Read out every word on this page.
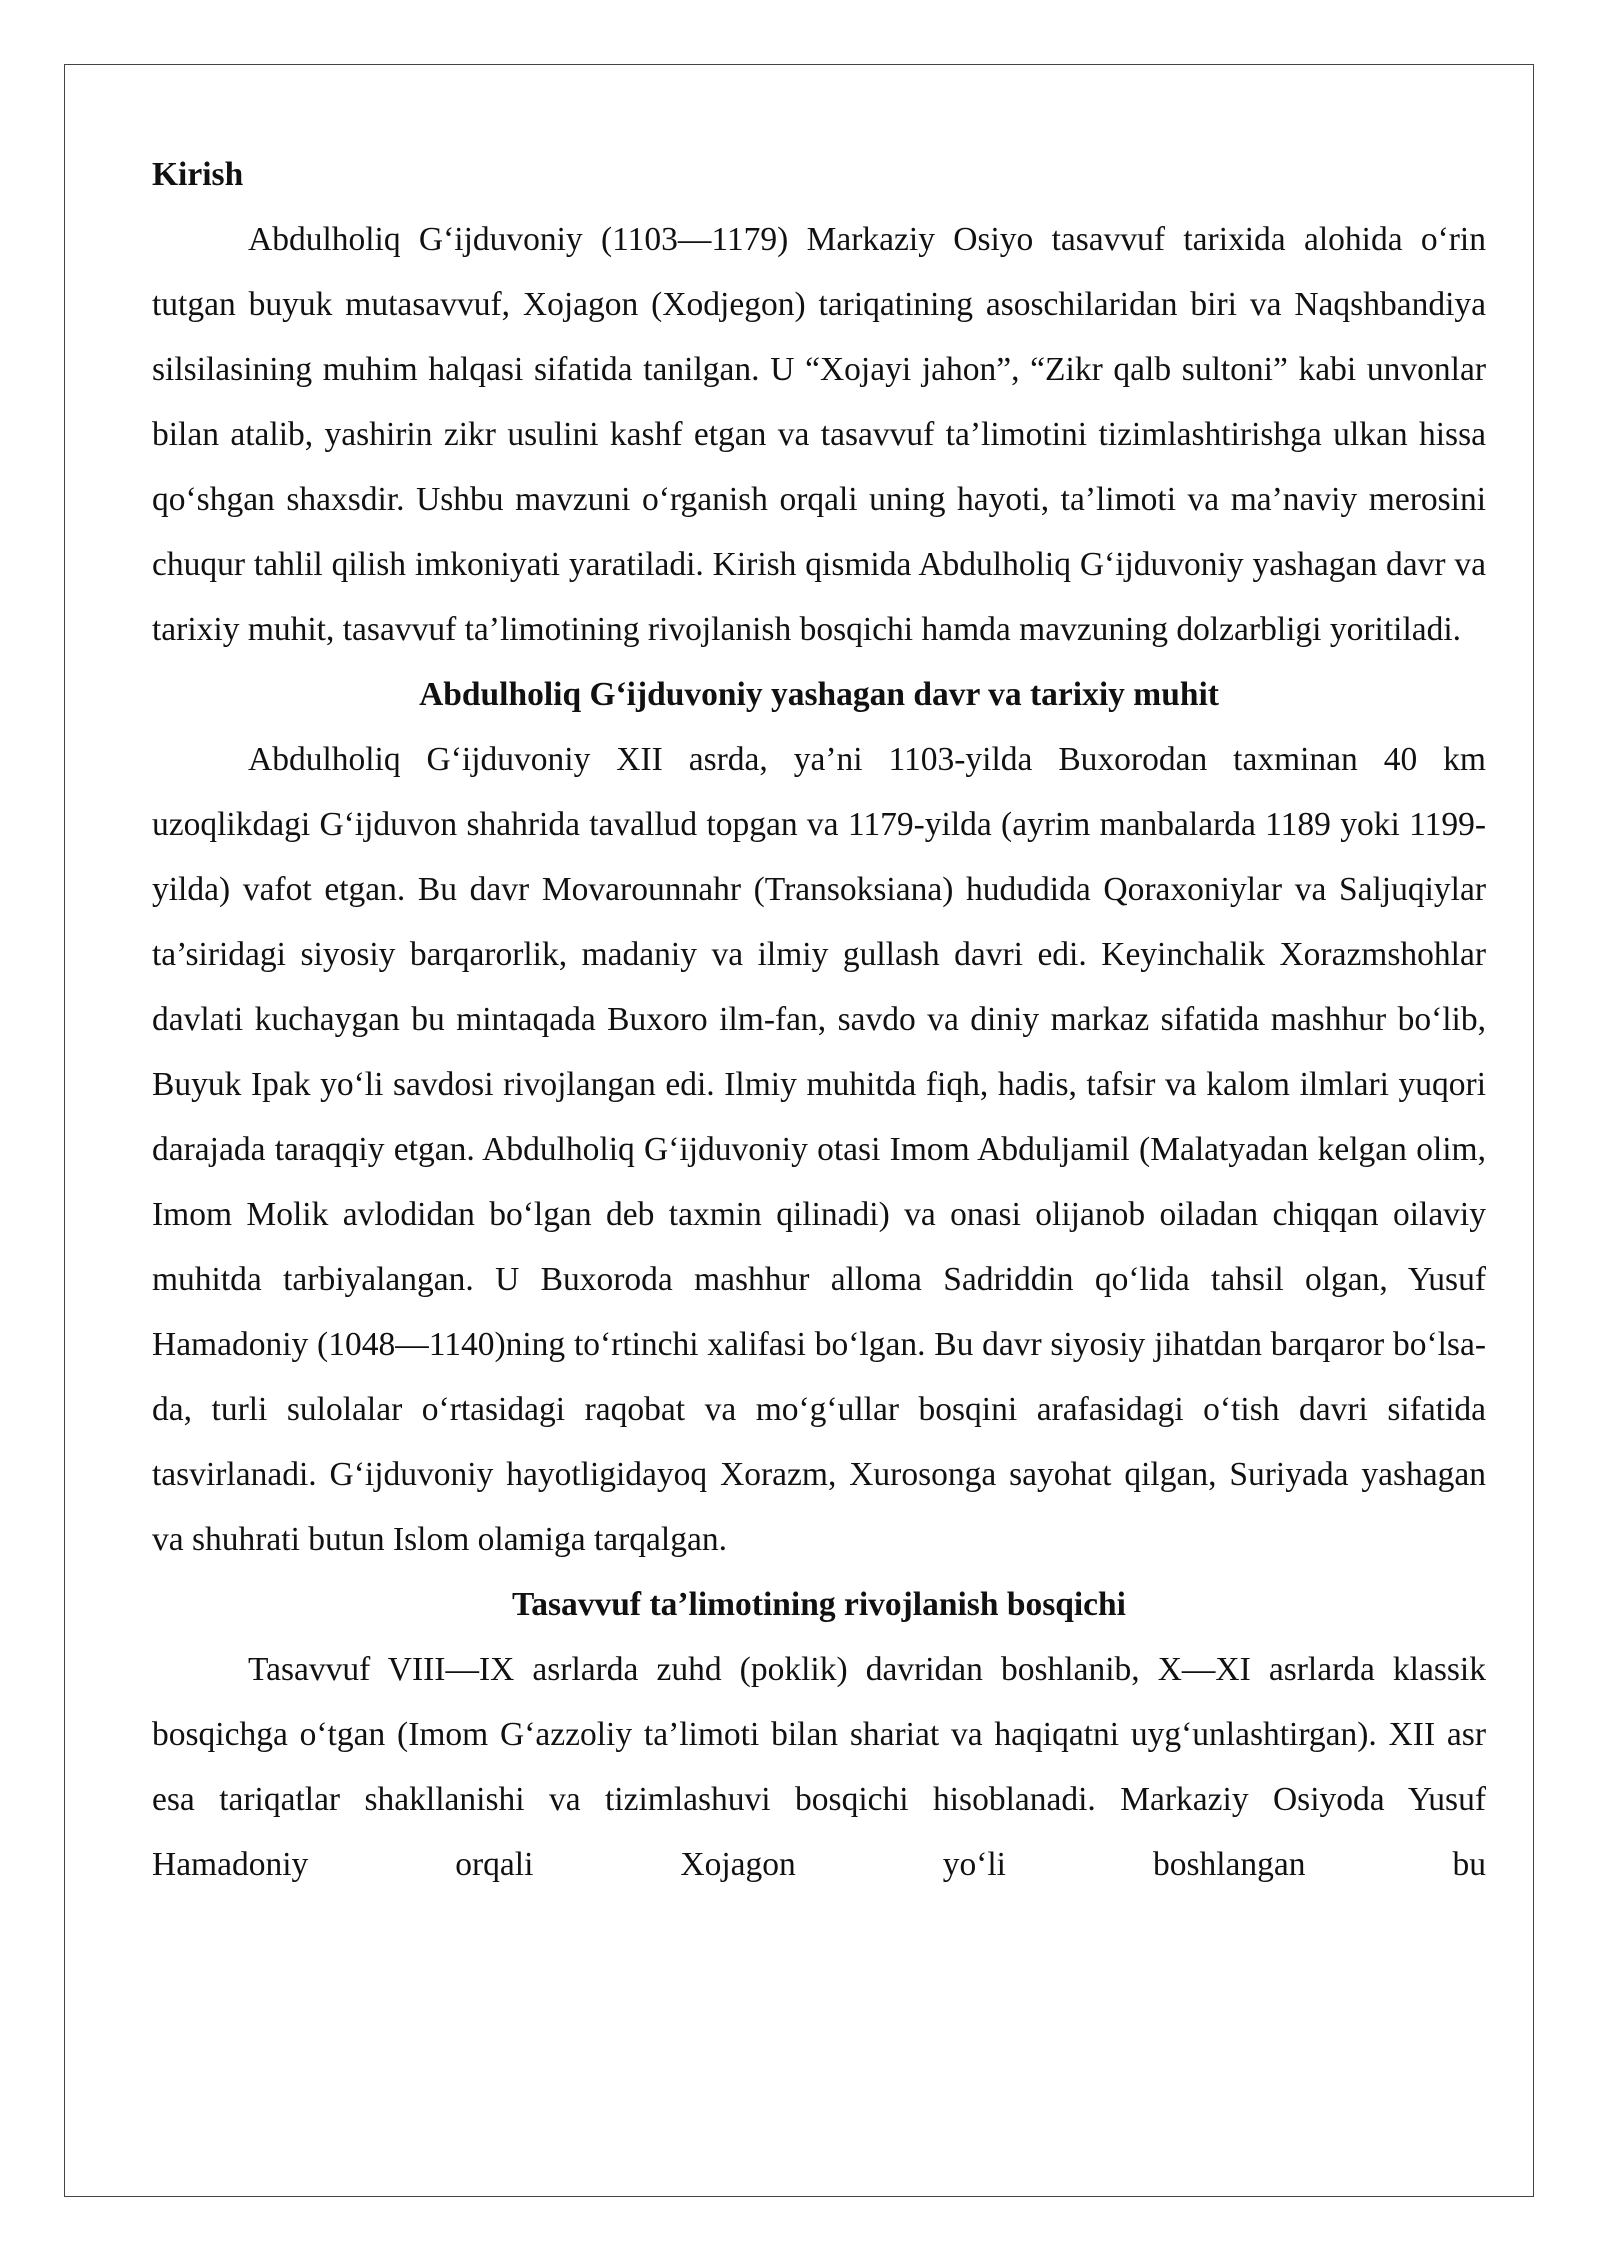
Kirish

Abdulholiq G‘ijduvoniy (1103—1179) Markaziy Osiyo tasavvuf tarixida alohida o‘rin tutgan buyuk mutasavvuf, Xojagon (Xodjegon) tariqatining asoschilaridan biri va Naqshbandiya silsilasining muhim halqasi sifatida tanilgan. U “Xojayi jahon”, “Zikr qalb sultoni” kabi unvonlar bilan atalib, yashirin zikr usulini kashf etgan va tasavvuf ta’limotini tizimlashtirishga ulkan hissa qo‘shgan shaxsdir. Ushbu mavzuni o‘rganish orqali uning hayoti, ta’limoti va ma’naviy merosini chuqur tahlil qilish imkoniyati yaratiladi. Kirish qismida Abdulholiq G‘ijduvoniy yashagan davr va tarixiy muhit, tasavvuf ta’limotining rivojlanish bosqichi hamda mavzuning dolzarbligi yoritiladi.

Abdulholiq G‘ijduvoniy yashagan davr va tarixiy muhit

Abdulholiq G‘ijduvoniy XII asrda, ya’ni 1103-yilda Buxorodan taxminan 40 km uzoqlikdagi G‘ijduvon shahrida tavallud topgan va 1179-yilda (ayrim manbalarda 1189 yoki 1199-yilda) vafot etgan. Bu davr Movarounnahr (Transoksiana) hududida Qoraxoniylar va Saljuqiylar ta’siridagi siyosiy barqarorlik, madaniy va ilmiy gullash davri edi. Keyinchalik Xorazmshohlar davlati kuchaygan bu mintaqada Buxoro ilm-fan, savdo va diniy markaz sifatida mashhur bo‘lib, Buyuk Ipak yo‘li savdosi rivojlangan edi. Ilmiy muhitda fiqh, hadis, tafsir va kalom ilmlari yuqori darajada taraqqiy etgan. Abdulholiq G‘ijduvoniy otasi Imom Abduljamil (Malatyadan kelgan olim, Imom Molik avlodidan bo‘lgan deb taxmin qilinadi) va onasi olijanob oiladan chiqqan oilaviy muhitda tarbiyalangan. U Buxoroda mashhur alloma Sadriddin qo‘lida tahsil olgan, Yusuf Hamadoniy (1048—1140)ning to‘rtinchi xalifasi bo‘lgan. Bu davr siyosiy jihatdan barqaror bo‘lsa-da, turli sulolalar o‘rtasidagi raqobat va mo‘g‘ullar bosqini arafasidagi o‘tish davri sifatida tasvirlanadi. G‘ijduvoniy hayotligidayoq Xorazm, Xurosonga sayohat qilgan, Suriyada yashagan va shuhrati butun Islom olamiga tarqalgan.

Tasavvuf ta’limotining rivojlanish bosqichi

Tasavvuf VIII—IX asrlarda zuhd (poklik) davridan boshlanib, X—XI asrlarda klassik bosqichga o‘tgan (Imom G‘azzoliy ta’limoti bilan shariat va haqiqatni uyg‘unlashtirgan). XII asr esa tariqatlar shakllanishi va tizimlashuvi bosqichi hisoblanadi. Markaziy Osiyoda Yusuf Hamadoniy orqali Xojagon yo‘li boshlangan bu
